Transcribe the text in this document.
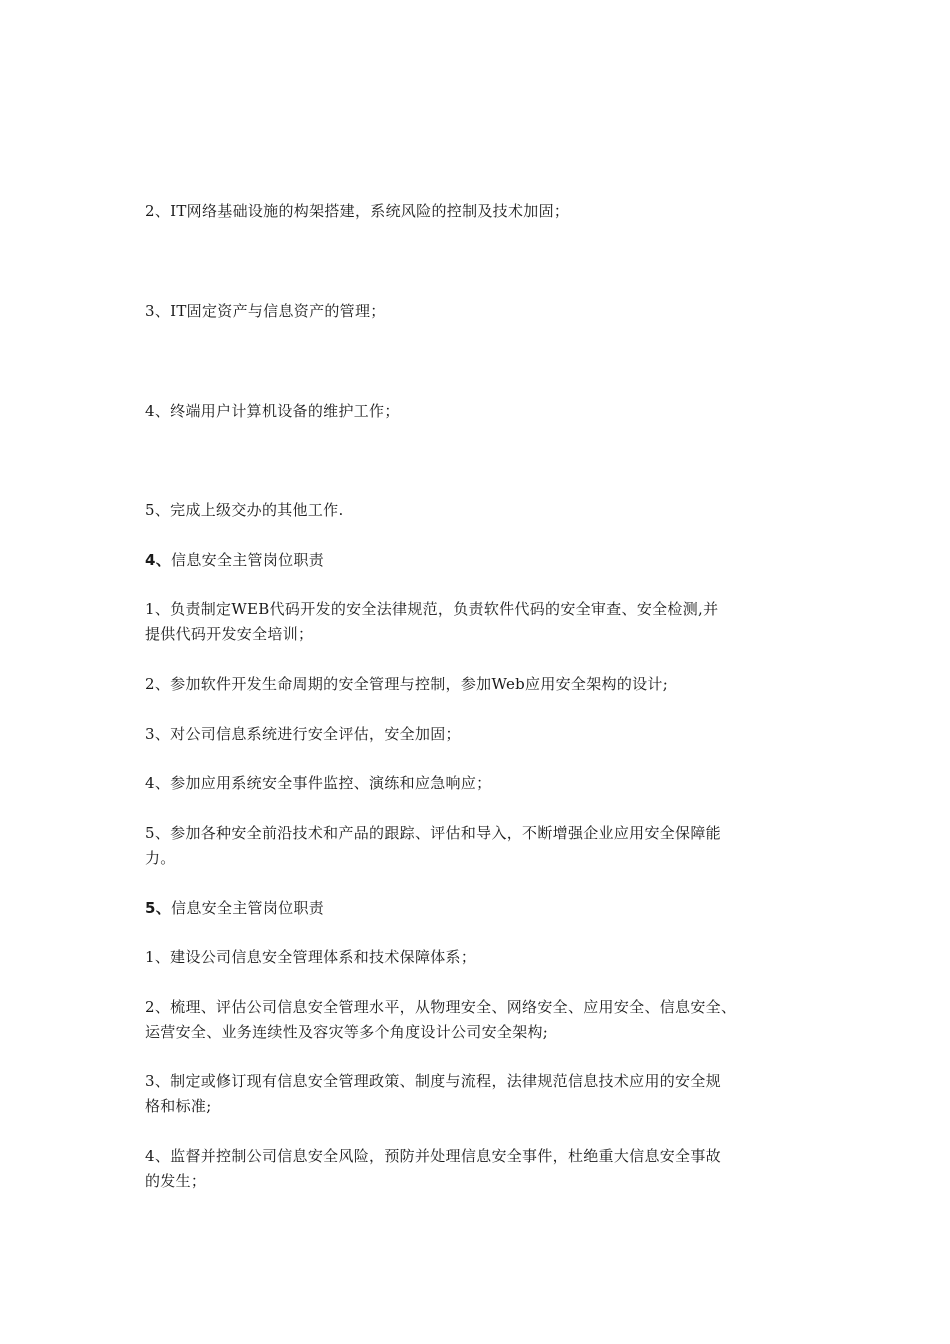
2、IT网络基础设施的构架搭建，系统风险的控制及技术加固；
3、IT固定资产与信息资产的管理；
4、终端用户计算机设备的维护工作；
5、完成上级交办的其他工作.
4、信息安全主管岗位职责
1、负责制定WEB代码开发的安全法律规范，负责软件代码的安全审查、安全检测,并
提供代码开发安全培训；
2、参加软件开发生命周期的安全管理与控制，参加Web应用安全架构的设计;
3、对公司信息系统进行安全评估，安全加固；
4、参加应用系统安全事件监控、演练和应急响应；
5、参加各种安全前沿技术和产品的跟踪、评估和导入，不断增强企业应用安全保障能
力。
5、信息安全主管岗位职责
1、建设公司信息安全管理体系和技术保障体系；
2、梳理、评估公司信息安全管理水平，从物理安全、网络安全、应用安全、信息安全、
运营安全、业务连续性及容灾等多个角度设计公司安全架构;
3、制定或修订现有信息安全管理政策、制度与流程，法律规范信息技术应用的安全规
格和标准;
4、监督并控制公司信息安全风险，预防并处理信息安全事件，杜绝重大信息安全事故
的发生；
